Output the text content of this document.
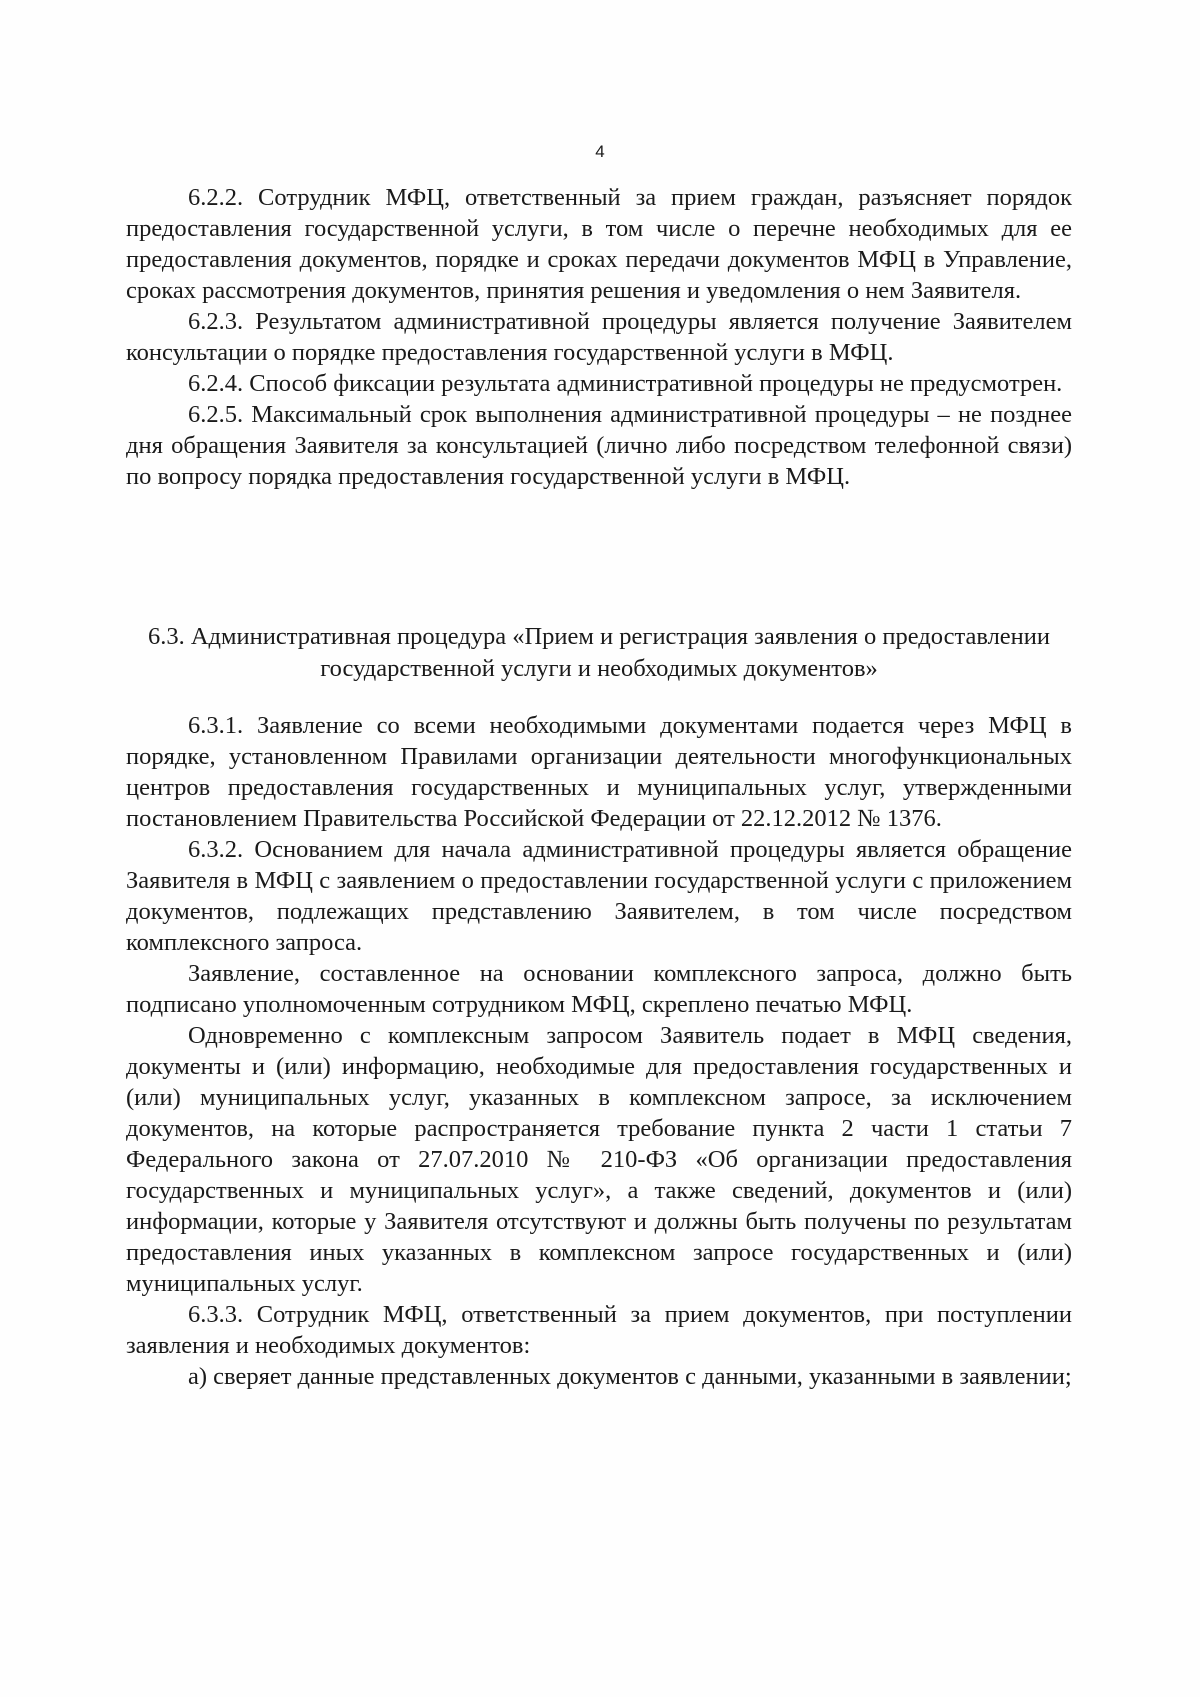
4

6.2.2. Сотрудник МФЦ, ответственный за прием граждан, разъясняет порядок предоставления государственной услуги, в том числе о перечне необходимых для ее предоставления документов, порядке и сроках передачи документов МФЦ в Управление, сроках рассмотрения документов, принятия решения и уведомления о нем Заявителя.

6.2.3. Результатом административной процедуры является получение Заявителем консультации о порядке предоставления государственной услуги в МФЦ.

6.2.4. Способ фиксации результата административной процедуры не предусмотрен.

6.2.5. Максимальный срок выполнения административной процедуры – не позднее дня обращения Заявителя за консультацией (лично либо посредством телефонной связи) по вопросу порядка предоставления государственной услуги в МФЦ.

6.3. Административная процедура «Прием и регистрация заявления о предоставлении государственной услуги и необходимых документов»

6.3.1. Заявление со всеми необходимыми документами подается через МФЦ в порядке, установленном Правилами организации деятельности многофункциональных центров предоставления государственных и муниципальных услуг, утвержденными постановлением Правительства Российской Федерации от 22.12.2012 № 1376.

6.3.2. Основанием для начала административной процедуры является обращение Заявителя в МФЦ с заявлением о предоставлении государственной услуги с приложением документов, подлежащих представлению Заявителем, в том числе посредством комплексного запроса.

Заявление, составленное на основании комплексного запроса, должно быть подписано уполномоченным сотрудником МФЦ, скреплено печатью МФЦ.

Одновременно с комплексным запросом Заявитель подает в МФЦ сведения, документы и (или) информацию, необходимые для предоставления государственных и (или) муниципальных услуг, указанных в комплексном запросе, за исключением документов, на которые распространяется требование пункта 2 части 1 статьи 7 Федерального закона от 27.07.2010 № 210-ФЗ «Об организации предоставления государственных и муниципальных услуг», а также сведений, документов и (или) информации, которые у Заявителя отсутствуют и должны быть получены по результатам предоставления иных указанных в комплексном запросе государственных и (или) муниципальных услуг.

6.3.3. Сотрудник МФЦ, ответственный за прием документов, при поступлении заявления и необходимых документов:

а) сверяет данные представленных документов с данными, указанными в заявлении;
